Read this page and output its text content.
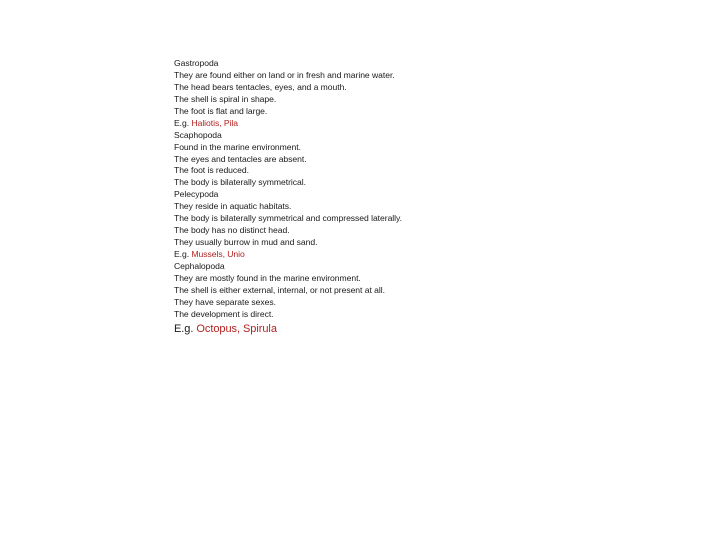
Gastropoda
They are found either on land or in fresh and marine water.
The head bears tentacles, eyes, and a mouth.
The shell is spiral in shape.
The foot is flat and large.
E.g. Haliotis, Pila
Scaphopoda
Found in the marine environment.
The eyes and tentacles are absent.
The foot is reduced.
The body is bilaterally symmetrical.
Pelecypoda
They reside in aquatic habitats.
The body is bilaterally symmetrical and compressed laterally.
The body has no distinct head.
They usually burrow in mud and sand.
E.g. Mussels, Unio
Cephalopoda
They are mostly found in the marine environment.
The shell is either external, internal, or not present at all.
They have separate sexes.
The development is direct.
E.g. Octopus, Spirula
